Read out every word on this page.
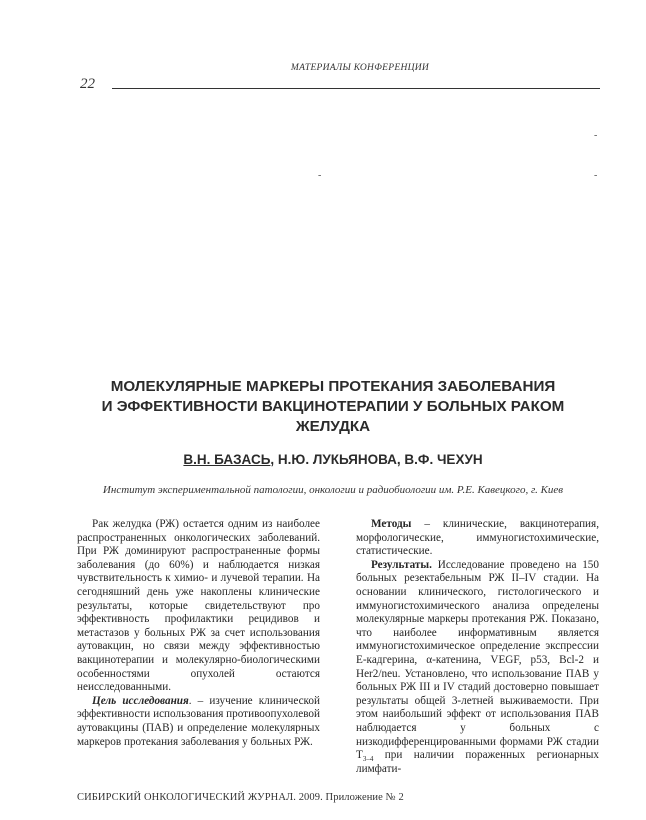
МАТЕРИАЛЫ КОНФЕРЕНЦИИ
22
-
-	-
МОЛЕКУЛЯРНЫЕ МАРКЕРЫ ПРОТЕКАНИЯ ЗАБОЛЕВАНИЯ
И ЭФФЕКТИВНОСТИ ВАКЦИНОТЕРАПИИ У БОЛЬНЫХ РАКОМ
ЖЕЛУДКА
В.Н. БАЗАСЬ, Н.Ю. ЛУКЬЯНОВА, В.Ф. ЧЕХУН
Институт экспериментальной патологии, онкологии и радиобиологии им. Р.Е. Кавецкого, г. Киев

Рак желудка (РЖ) остается одним из наиболее распространенных онкологических заболеваний. При РЖ доминируют распространенные формы заболевания (до 60%) и наблюдается низкая чувствительность к химио- и лучевой терапии. На сегодняшний день уже накоплены клинические результаты, которые свидетельствуют про эффективность профилактики рецидивов и метастазов у больных РЖ за счет использования аутовакцин, но связи между эффективностью вакцинотерапии и молекулярно-биологическими особенностями опухолей остаются неисследованными.

Цель исследования. – изучение клинической эффективности использования противоопухолевой аутовакцины (ПАВ) и определение молекулярных маркеров протекания заболевания у больных РЖ.

Методы – клинические, вакцинотерапия, морфологические, иммуногистохимические, статистические.

Результаты. Исследование проведено на 150 больных резектабельным РЖ II–IV стадии. На основании клинического, гистологического и иммуногистохимического анализа определены молекулярные маркеры протекания РЖ. Показано, что наиболее информативным является иммуногистохимическое определение экспрессии Е-кадгерина, α-катенина, VEGF, p53, Bcl-2 и Her2/neu. Установлено, что использование ПАВ у больных РЖ III и IV стадий достоверно повышает результаты общей 3-летней выживаемости. При этом наибольший эффект от использования ПАВ наблюдается у больных с низкодифференцированными формами РЖ стадии $T_{3-4}$ при наличии пораженных регионарных лимфати-

СИБИРСКИЙ ОНКОЛОГИЧЕСКИЙ ЖУРНАЛ. 2009. Приложение № 2
